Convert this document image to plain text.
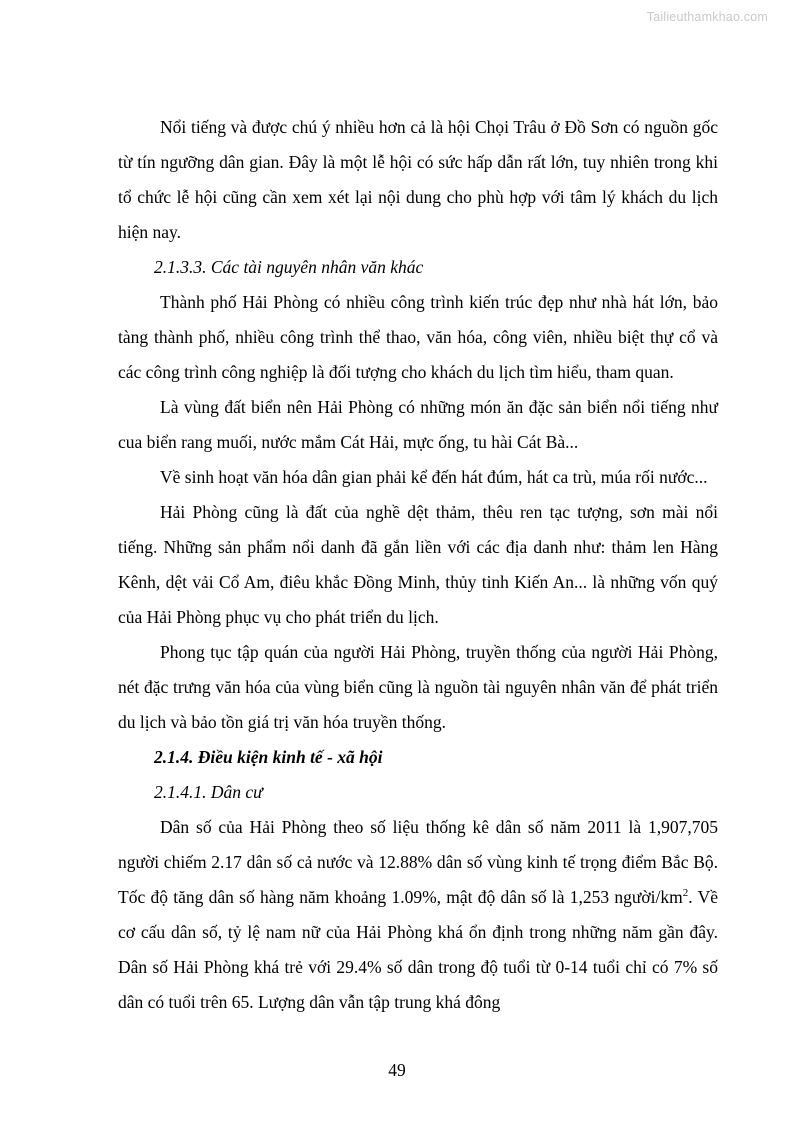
Tailieuthamkhao.com

Nổi tiếng và được chú ý nhiều hơn cả là hội Chọi Trâu ở Đồ Sơn có nguồn gốc từ tín ngưỡng dân gian. Đây là một lễ hội có sức hấp dẫn rất lớn, tuy nhiên trong khi tổ chức lễ hội cũng cần xem xét lại nội dung cho phù hợp với tâm lý khách du lịch hiện nay.

2.1.3.3. Các tài nguyên nhân văn khác

Thành phố Hải Phòng có nhiều công trình kiến trúc đẹp như nhà hát lớn, bảo tàng thành phố, nhiều công trình thể thao, văn hóa, công viên, nhiều biệt thự cổ và các công trình công nghiệp là đối tượng cho khách du lịch tìm hiểu, tham quan.

Là vùng đất biển nên Hải Phòng có những món ăn đặc sản biển nổi tiếng như cua biển rang muối, nước mắm Cát Hải, mực ống, tu hài Cát Bà...

Về sinh hoạt văn hóa dân gian phải kể đến hát đúm, hát ca trù, múa rối nước...

Hải Phòng cũng là đất của nghề dệt thảm, thêu ren tạc tượng, sơn mài nổi tiếng. Những sản phẩm nổi danh đã gắn liền với các địa danh như: thảm len Hàng Kênh, dệt vải Cổ Am, điêu khắc Đồng Minh, thủy tinh Kiến An... là những vốn quý của Hải Phòng phục vụ cho phát triển du lịch.

Phong tục tập quán của người Hải Phòng, truyền thống của người Hải Phòng, nét đặc trưng văn hóa của vùng biển cũng là nguồn tài nguyên nhân văn để phát triển du lịch và bảo tồn giá trị văn hóa truyền thống.

2.1.4. Điều kiện kinh tế - xã hội

2.1.4.1. Dân cư

Dân số của Hải Phòng theo số liệu thống kê dân số năm 2011 là 1,907,705 người chiếm 2.17 dân số cả nước và 12.88% dân số vùng kinh tế trọng điểm Bắc Bộ. Tốc độ tăng dân số hàng năm khoảng 1.09%, mật độ dân số là 1,253 người/$km^2$. Về cơ cấu dân số, tỷ lệ nam nữ của Hải Phòng khá ổn định trong những năm gần đây. Dân số Hải Phòng khá trẻ với 29.4% số dân trong độ tuổi từ 0-14 tuổi chỉ có 7% số dân có tuổi trên 65. Lượng dân vẫn tập trung khá đông

49
